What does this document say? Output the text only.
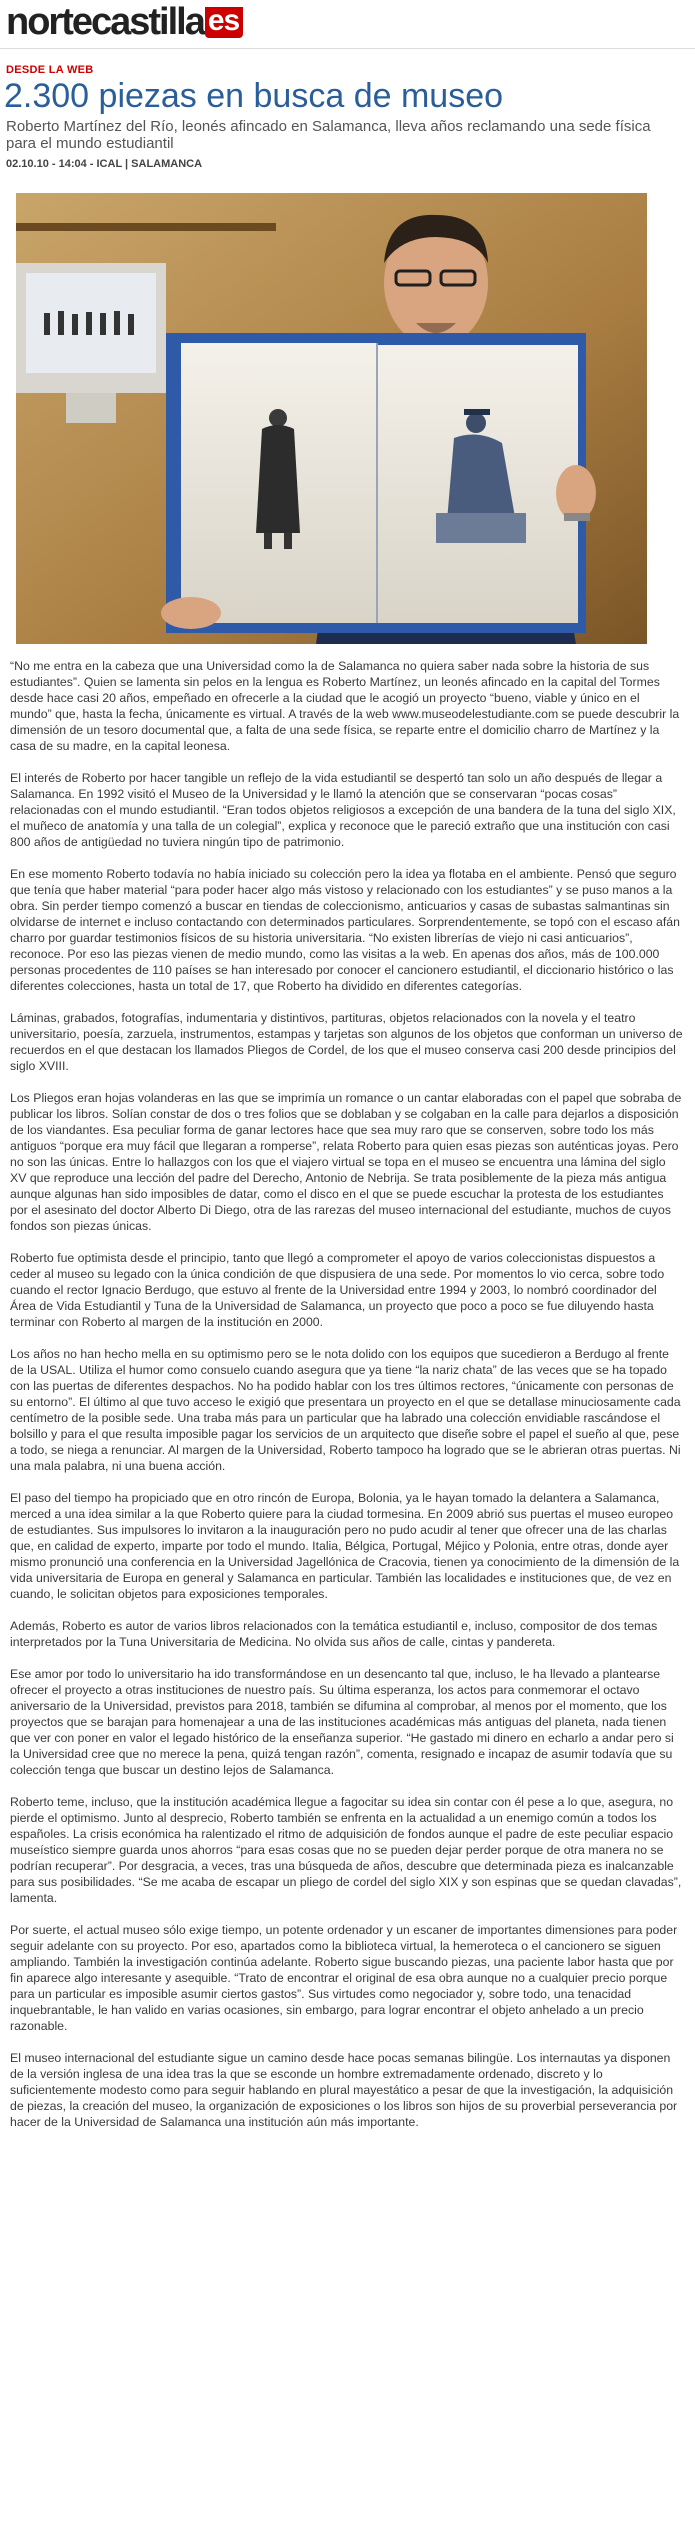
nortecastilla es
DESDE LA WEB
2.300 piezas en busca de museo

Roberto Martínez del Río, leonés afincado en Salamanca, lleva años reclamando una sede física para el mundo estudiantil

02.10.10 - 14:04 - ICAL | SALAMANCA

“No me entra en la cabeza que una Universidad como la de Salamanca no quiera saber nada sobre la historia de sus estudiantes”. Quien se lamenta sin pelos en la lengua es Roberto Martínez, un leonés afincado en la capital del Tormes desde hace casi 20 años, empeñado en ofrecerle a la ciudad que le acogió un proyecto “bueno, viable y único en el mundo” que, hasta la fecha, únicamente es virtual. A través de la web www.museodelestudiante.com se puede descubrir la dimensión de un tesoro documental que, a falta de una sede física, se reparte entre el domicilio charro de Martínez y la casa de su madre, en la capital leonesa.

El interés de Roberto por hacer tangible un reflejo de la vida estudiantil se despertó tan solo un año después de llegar a Salamanca. En 1992 visitó el Museo de la Universidad y le llamó la atención que se conservaran “pocas cosas” relacionadas con el mundo estudiantil. “Eran todos objetos religiosos a excepción de una bandera de la tuna del siglo XIX, el muñeco de anatomía y una talla de un colegial”, explica y reconoce que le pareció extraño que una institución con casi 800 años de antigüedad no tuviera ningún tipo de patrimonio.

En ese momento Roberto todavía no había iniciado su colección pero la idea ya flotaba en el ambiente. Pensó que seguro que tenía que haber material “para poder hacer algo más vistoso y relacionado con los estudiantes” y se puso manos a la obra. Sin perder tiempo comenzó a buscar en tiendas de coleccionismo, anticuarios y casas de subastas salmantinas sin olvidarse de internet e incluso contactando con determinados particulares. Sorprendentemente, se topó con el escaso afán charro por guardar testimonios físicos de su historia universitaria. “No existen librerías de viejo ni casi anticuarios”, reconoce. Por eso las piezas vienen de medio mundo, como las visitas a la web. En apenas dos años, más de 100.000 personas procedentes de 110 países se han interesado por conocer el cancionero estudiantil, el diccionario histórico o las diferentes colecciones, hasta un total de 17, que Roberto ha dividido en diferentes categorías.

Láminas, grabados, fotografías, indumentaria y distintivos, partituras, objetos relacionados con la novela y el teatro universitario, poesía, zarzuela, instrumentos, estampas y tarjetas son algunos de los objetos que conforman un universo de recuerdos en el que destacan los llamados Pliegos de Cordel, de los que el museo conserva casi 200 desde principios del siglo XVIII.

Los Pliegos eran hojas volanderas en las que se imprimía un romance o un cantar elaboradas con el papel que sobraba de publicar los libros. Solían constar de dos o tres folios que se doblaban y se colgaban en la calle para dejarlos a disposición de los viandantes. Esa peculiar forma de ganar lectores hace que sea muy raro que se conserven, sobre todo los más antiguos “porque era muy fácil que llegaran a romperse”, relata Roberto para quien esas piezas son auténticas joyas. Pero no son las únicas. Entre lo hallazgos con los que el viajero virtual se topa en el museo se encuentra una lámina del siglo XV que reproduce una lección del padre del Derecho, Antonio de Nebrija. Se trata posiblemente de la pieza más antigua aunque algunas han sido imposibles de datar, como el disco en el que se puede escuchar la protesta de los estudiantes por el asesinato del doctor Alberto Di Diego, otra de las rarezas del museo internacional del estudiante, muchos de cuyos fondos son piezas únicas.

Roberto fue optimista desde el principio, tanto que llegó a comprometer el apoyo de varios coleccionistas dispuestos a ceder al museo su legado con la única condición de que dispusiera de una sede. Por momentos lo vio cerca, sobre todo cuando el rector Ignacio Berdugo, que estuvo al frente de la Universidad entre 1994 y 2003, lo nombró coordinador del Área de Vida Estudiantil y Tuna de la Universidad de Salamanca, un proyecto que poco a poco se fue diluyendo hasta terminar con Roberto al margen de la institución en 2000.

Los años no han hecho mella en su optimismo pero se le nota dolido con los equipos que sucedieron a Berdugo al frente de la USAL. Utiliza el humor como consuelo cuando asegura que ya tiene “la nariz chata” de las veces que se ha topado con las puertas de diferentes despachos. No ha podido hablar con los tres últimos rectores, “únicamente con personas de su entorno”. El último al que tuvo acceso le exigió que presentara un proyecto en el que se detallase minuciosamente cada centímetro de la posible sede. Una traba más para un particular que ha labrado una colección envidiable rascándose el bolsillo y para el que resulta imposible pagar los servicios de un arquitecto que diseñe sobre el papel el sueño al que, pese a todo, se niega a renunciar. Al margen de la Universidad, Roberto tampoco ha logrado que se le abrieran otras puertas. Ni una mala palabra, ni una buena acción.

El paso del tiempo ha propiciado que en otro rincón de Europa, Bolonia, ya le hayan tomado la delantera a Salamanca, merced a una idea similar a la que Roberto quiere para la ciudad tormesina. En 2009 abrió sus puertas el museo europeo de estudiantes. Sus impulsores lo invitaron a la inauguración pero no pudo acudir al tener que ofrecer una de las charlas que, en calidad de experto, imparte por todo el mundo. Italia, Bélgica, Portugal, Méjico y Polonia, entre otras, donde ayer mismo pronunció una conferencia en la Universidad Jagellónica de Cracovia, tienen ya conocimiento de la dimensión de la vida universitaria de Europa en general y Salamanca en particular. También las localidades e instituciones que, de vez en cuando, le solicitan objetos para exposiciones temporales.

Además, Roberto es autor de varios libros relacionados con la temática estudiantil e, incluso, compositor de dos temas interpretados por la Tuna Universitaria de Medicina. No olvida sus años de calle, cintas y pandereta.

Ese amor por todo lo universitario ha ido transformándose en un desencanto tal que, incluso, le ha llevado a plantearse ofrecer el proyecto a otras instituciones de nuestro país. Su última esperanza, los actos para conmemorar el octavo aniversario de la Universidad, previstos para 2018, también se difumina al comprobar, al menos por el momento, que los proyectos que se barajan para homenajear a una de las instituciones académicas más antiguas del planeta, nada tienen que ver con poner en valor el legado histórico de la enseñanza superior. “He gastado mi dinero en echarlo a andar pero si la Universidad cree que no merece la pena, quizá tengan razón”, comenta, resignado e incapaz de asumir todavía que su colección tenga que buscar un destino lejos de Salamanca.

Roberto teme, incluso, que la institución académica llegue a fagocitar su idea sin contar con él pese a lo que, asegura, no pierde el optimismo. Junto al desprecio, Roberto también se enfrenta en la actualidad a un enemigo común a todos los españoles. La crisis económica ha ralentizado el ritmo de adquisición de fondos aunque el padre de este peculiar espacio museístico siempre guarda unos ahorros “para esas cosas que no se pueden dejar perder porque de otra manera no se podrían recuperar”. Por desgracia, a veces, tras una búsqueda de años, descubre que determinada pieza es inalcanzable para sus posibilidades. “Se me acaba de escapar un pliego de cordel del siglo XIX y son espinas que se quedan clavadas”, lamenta.

Por suerte, el actual museo sólo exige tiempo, un potente ordenador y un escaner de importantes dimensiones para poder seguir adelante con su proyecto. Por eso, apartados como la biblioteca virtual, la hemeroteca o el cancionero se siguen ampliando. También la investigación continúa adelante. Roberto sigue buscando piezas, una paciente labor hasta que por fin aparece algo interesante y asequible. “Trato de encontrar el original de esa obra aunque no a cualquier precio porque para un particular es imposible asumir ciertos gastos”. Sus virtudes como negociador y, sobre todo, una tenacidad inquebrantable, le han valido en varias ocasiones, sin embargo, para lograr encontrar el objeto anhelado a un precio razonable.

El museo internacional del estudiante sigue un camino desde hace pocas semanas bilingüe. Los internautas ya disponen de la versión inglesa de una idea tras la que se esconde un hombre extremadamente ordenado, discreto y lo suficientemente modesto como para seguir hablando en plural mayestático a pesar de que la investigación, la adquisición de piezas, la creación del museo, la organización de exposiciones o los libros son hijos de su proverbial perseverancia por hacer de la Universidad de Salamanca una institución aún más importante.
